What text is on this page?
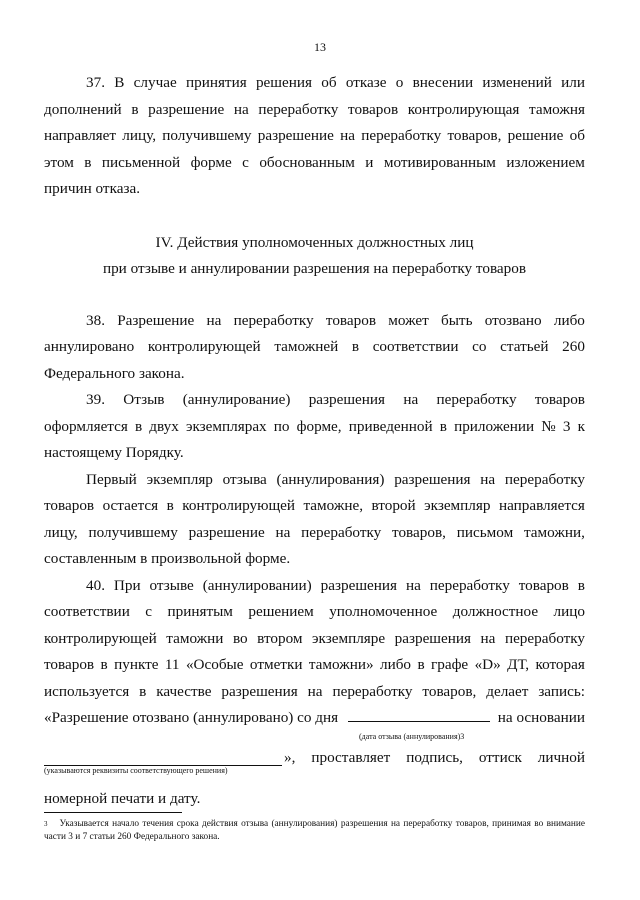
13
37. В случае принятия решения об отказе о внесении изменений или
дополнений в разрешение на переработку товаров контролирующая таможня
направляет лицу, получившему разрешение на переработку товаров, решение об
этом в письменной форме с обоснованным и мотивированным изложением
причин отказа.
IV. Действия уполномоченных должностных лиц
при отзыве и аннулировании разрешения на переработку товаров
38. Разрешение на переработку товаров может быть отозвано либо
аннулировано контролирующей таможней в соответствии со статьей 260
Федерального закона.
39. Отзыв (аннулирование) разрешения на переработку товаров
оформляется в двух экземплярах по форме, приведенной в приложении № 3 к
настоящему Порядку.
Первый экземпляр отзыва (аннулирования) разрешения на переработку
товаров остается в контролирующей таможне, второй экземпляр направляется
лицу, получившему разрешение на переработку товаров, письмом таможни,
составленным в произвольной форме.
40. При отзыве (аннулировании) разрешения на переработку товаров в
соответствии с принятым решением уполномоченное должностное лицо
контролирующей таможни во втором экземпляре разрешения на переработку
товаров в пункте 11 «Особые отметки таможни» либо в графе «D» ДТ, которая
используется в качестве разрешения на переработку товаров, делает запись:
«Разрешение отозвано (аннулировано) со дня	на основании
(дата отзыва (аннулирования)3
», проставляет подпись, оттиск личной
(указываются реквизиты соответствующего решения)
номерной печати и дату.
$^3$ Указывается начало течения срока действия отзыва (аннулирования) разрешения на переработку товаров, принимая во внимание части 3 и 7 статьи 260 Федерального закона.
